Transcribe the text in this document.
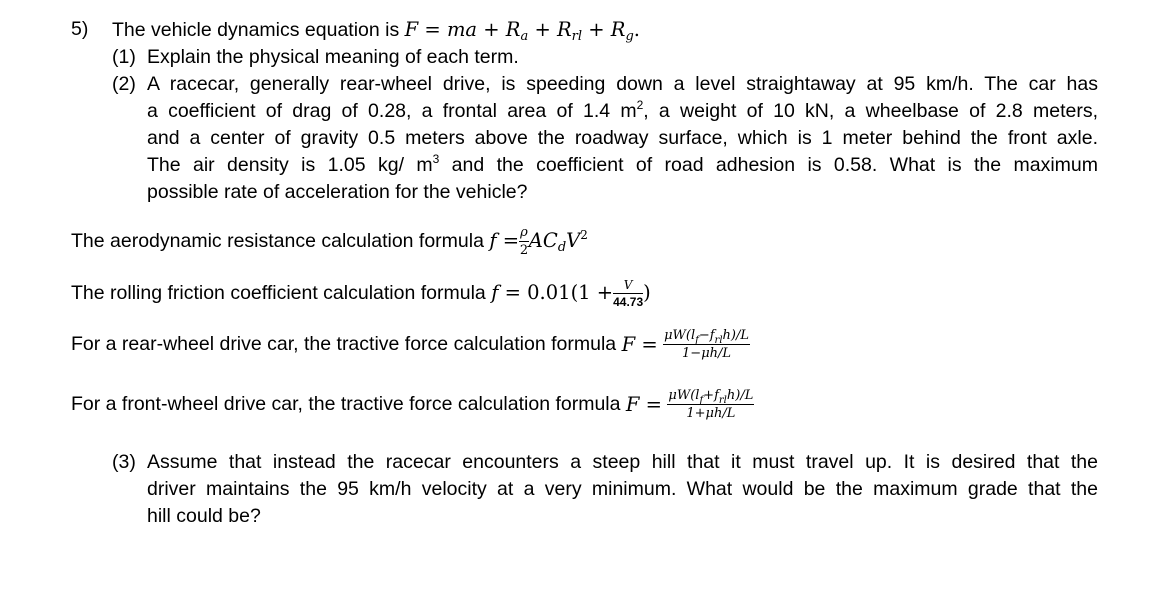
5) The vehicle dynamics equation is F = ma + $R_a + R_{rl} + R_g$.
(1) Explain the physical meaning of each term.
(2) A racecar, generally rear-wheel drive, is speeding down a level straightaway at 95 km/h. The car has
a coefficient of drag of 0.28, a frontal area of 1.4 $m^2$, a weight of 10 kN, a wheelbase of 2.8 meters,
and a center of gravity 0.5 meters above the roadway surface, which is 1 meter behind the front axle.
The air density is 1.05 kg/ $m^3$ and the coefficient of road adhesion is 0.58. What is the maximum
possible rate of acceleration for the vehicle?
The aerodynamic resistance calculation formula $f = \frac{\rho}{2} AC_dV^2$
The rolling friction coefficient calculation formula $f = 0.01(1 + \frac{V}{44.73}$ )
For a rear-wheel drive car, the tractive force calculation formula $F = \frac{\mu W(l_f-f_{rl}h)/L}{1-\mu h/L}$
For a front-wheel drive car, the tractive force calculation formula $F = \frac{\mu W(l_f+f_{rl}h)/L}{1+\mu h/L}$
(3) Assume that instead the racecar encounters a steep hill that it must travel up. It is desired that the
driver maintains the 95 km/h velocity at a very minimum. What would be the maximum grade that the
hill could be?
